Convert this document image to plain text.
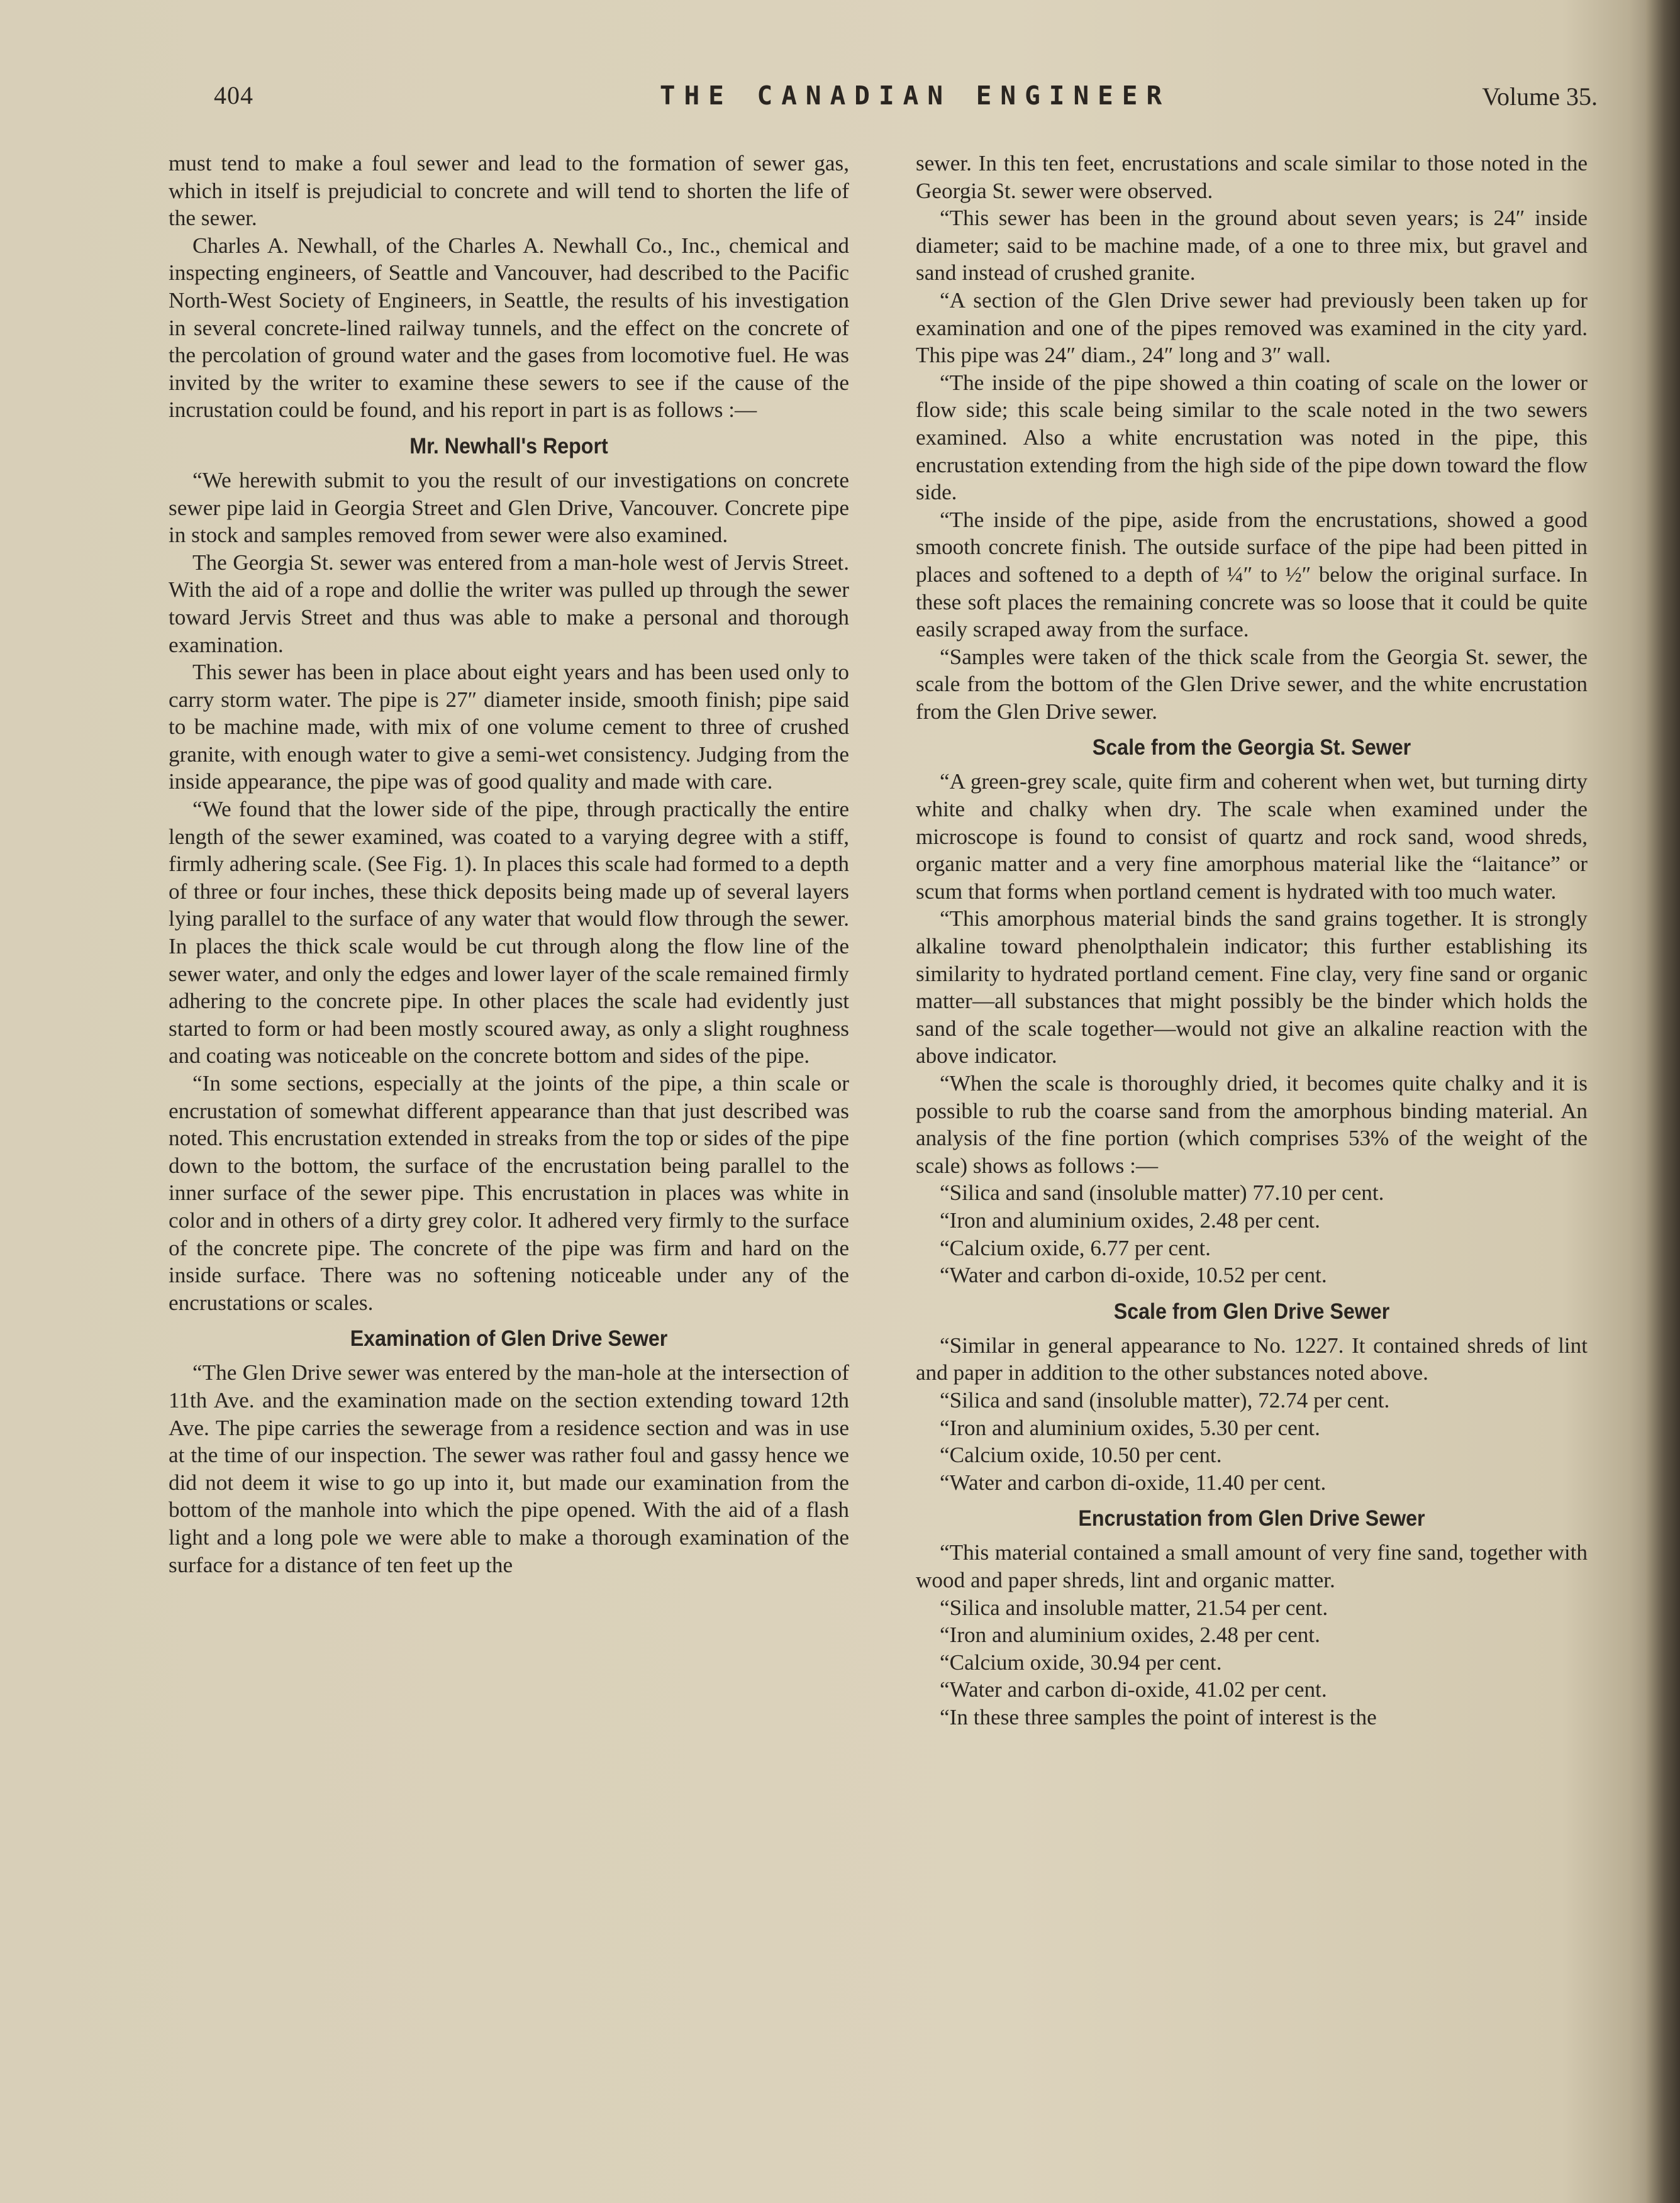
404	THE CANADIAN ENGINEER	Volume 35.

must tend to make a foul sewer and lead to the formation of sewer gas, which in itself is prejudicial to concrete and will tend to shorten the life of the sewer.

Charles A. Newhall, of the Charles A. Newhall Co., Inc., chemical and inspecting engineers, of Seattle and Vancouver, had described to the Pacific North-West Society of Engineers, in Seattle, the results of his investigation in several concrete-lined railway tunnels, and the effect on the concrete of the percolation of ground water and the gases from locomotive fuel. He was invited by the writer to examine these sewers to see if the cause of the incrustation could be found, and his report in part is as follows :—

Mr. Newhall's Report

“We herewith submit to you the result of our investigations on concrete sewer pipe laid in Georgia Street and Glen Drive, Vancouver. Concrete pipe in stock and samples removed from sewer were also examined.

The Georgia St. sewer was entered from a man-hole west of Jervis Street. With the aid of a rope and dollie the writer was pulled up through the sewer toward Jervis Street and thus was able to make a personal and thorough examination.

This sewer has been in place about eight years and has been used only to carry storm water. The pipe is 27″ diameter inside, smooth finish; pipe said to be machine made, with mix of one volume cement to three of crushed granite, with enough water to give a semi-wet consistency. Judging from the inside appearance, the pipe was of good quality and made with care.

“We found that the lower side of the pipe, through practically the entire length of the sewer examined, was coated to a varying degree with a stiff, firmly adhering scale. (See Fig. 1). In places this scale had formed to a depth of three or four inches, these thick deposits being made up of several layers lying parallel to the surface of any water that would flow through the sewer. In places the thick scale would be cut through along the flow line of the sewer water, and only the edges and lower layer of the scale remained firmly adhering to the concrete pipe. In other places the scale had evidently just started to form or had been mostly scoured away, as only a slight roughness and coating was noticeable on the concrete bottom and sides of the pipe.

“In some sections, especially at the joints of the pipe, a thin scale or encrustation of somewhat different appearance than that just described was noted. This encrustation extended in streaks from the top or sides of the pipe down to the bottom, the surface of the encrustation being parallel to the inner surface of the sewer pipe. This encrustation in places was white in color and in others of a dirty grey color. It adhered very firmly to the surface of the concrete pipe. The concrete of the pipe was firm and hard on the inside surface. There was no softening noticeable under any of the encrustations or scales.

Examination of Glen Drive Sewer

“The Glen Drive sewer was entered by the man-hole at the intersection of 11th Ave. and the examination made on the section extending toward 12th Ave. The pipe carries the sewerage from a residence section and was in use at the time of our inspection. The sewer was rather foul and gassy hence we did not deem it wise to go up into it, but made our examination from the bottom of the manhole into which the pipe opened. With the aid of a flash light and a long pole we were able to make a thorough examination of the surface for a distance of ten feet up the

sewer. In this ten feet, encrustations and scale similar to those noted in the Georgia St. sewer were observed.

“This sewer has been in the ground about seven years; is 24″ inside diameter; said to be machine made, of a one to three mix, but gravel and sand instead of crushed granite.

“A section of the Glen Drive sewer had previously been taken up for examination and one of the pipes removed was examined in the city yard. This pipe was 24″ diam., 24″ long and 3″ wall.

“The inside of the pipe showed a thin coating of scale on the lower or flow side; this scale being similar to the scale noted in the two sewers examined. Also a white encrustation was noted in the pipe, this encrustation extending from the high side of the pipe down toward the flow side.

“The inside of the pipe, aside from the encrustations, showed a good smooth concrete finish. The outside surface of the pipe had been pitted in places and softened to a depth of ¼″ to ½″ below the original surface. In these soft places the remaining concrete was so loose that it could be quite easily scraped away from the surface.

“Samples were taken of the thick scale from the Georgia St. sewer, the scale from the bottom of the Glen Drive sewer, and the white encrustation from the Glen Drive sewer.

Scale from the Georgia St. Sewer

“A green-grey scale, quite firm and coherent when wet, but turning dirty white and chalky when dry. The scale when examined under the microscope is found to consist of quartz and rock sand, wood shreds, organic matter and a very fine amorphous material like the “laitance” or scum that forms when portland cement is hydrated with too much water.

“This amorphous material binds the sand grains together. It is strongly alkaline toward phenolpthalein indicator; this further establishing its similarity to hydrated portland cement. Fine clay, very fine sand or organic matter—all substances that might possibly be the binder which holds the sand of the scale together—would not give an alkaline reaction with the above indicator.

“When the scale is thoroughly dried, it becomes quite chalky and it is possible to rub the coarse sand from the amorphous binding material. An analysis of the fine portion (which comprises 53% of the weight of the scale) shows as follows :—

“Silica and sand (insoluble matter) 77.10 per cent.

“Iron and aluminium oxides, 2.48 per cent.

“Calcium oxide, 6.77 per cent.

“Water and carbon di-oxide, 10.52 per cent.

Scale from Glen Drive Sewer

“Similar in general appearance to No. 1227. It contained shreds of lint and paper in addition to the other substances noted above.

“Silica and sand (insoluble matter), 72.74 per cent.

“Iron and aluminium oxides, 5.30 per cent.

“Calcium oxide, 10.50 per cent.

“Water and carbon di-oxide, 11.40 per cent.

Encrustation from Glen Drive Sewer

“This material contained a small amount of very fine sand, together with wood and paper shreds, lint and organic matter.

“Silica and insoluble matter, 21.54 per cent.

“Iron and aluminium oxides, 2.48 per cent.

“Calcium oxide, 30.94 per cent.

“Water and carbon di-oxide, 41.02 per cent.

“In these three samples the point of interest is the
